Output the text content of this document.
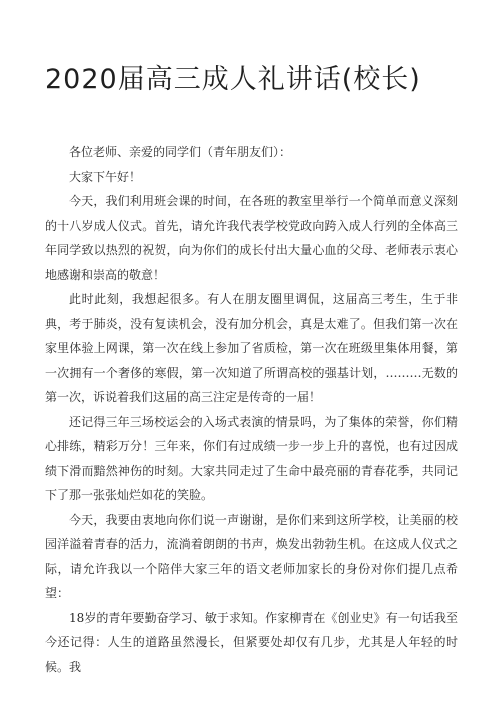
2020届高三成人礼讲话(校长)

各位老师、亲爱的同学们（青年朋友们）：

大家下午好！

今天，我们利用班会课的时间，在各班的教室里举行一个简单而意义深刻的十八岁成人仪式。首先，请允许我代表学校党政向跨入成人行列的全体高三年同学致以热烈的祝贺，向为你们的成长付出大量心血的父母、老师表示衷心地感谢和崇高的敬意！

此时此刻，我想起很多。有人在朋友圈里调侃，这届高三考生，生于非典，考于肺炎，没有复读机会，没有加分机会，真是太难了。但我们第一次在家里体验上网课，第一次在线上参加了省质检，第一次在班级里集体用餐，第一次拥有一个奢侈的寒假，第一次知道了所谓高校的强基计划，………无数的第一次，诉说着我们这届的高三注定是传奇的一届！

还记得三年三场校运会的入场式表演的情景吗，为了集体的荣誉，你们精心排练，精彩万分！三年来，你们有过成绩一步一步上升的喜悦，也有过因成绩下滑而黯然神伤的时刻。大家共同走过了生命中最亮丽的青春花季，共同记下了那一张张灿烂如花的笑脸。

今天，我要由衷地向你们说一声谢谢，是你们来到这所学校，让美丽的校园洋溢着青春的活力，流淌着朗朗的书声，焕发出勃勃生机。在这成人仪式之际，请允许我以一个陪伴大家三年的语文老师加家长的身份对你们提几点希望：

18岁的青年要勤奋学习、敏于求知。作家柳青在《创业史》有一句话我至今还记得：人生的道路虽然漫长，但紧要处却仅有几步，尤其是人年轻的时候。我
